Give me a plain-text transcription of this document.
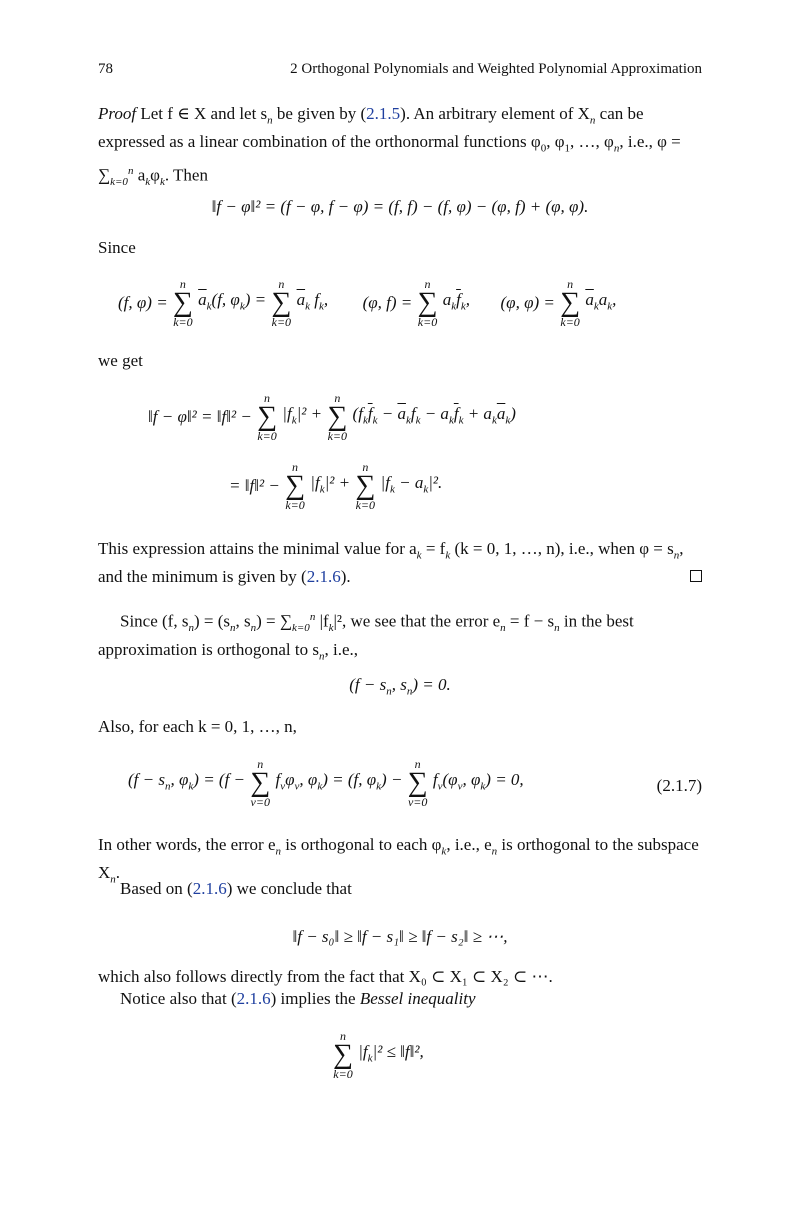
78	2 Orthogonal Polynomials and Weighted Polynomial Approximation
Proof Let f ∈ X and let $s_n$ be given by (2.1.5). An arbitrary element of $X_n$ can be expressed as a linear combination of the orthonormal functions $\varphi_0$, $\varphi_1$, …, $\varphi_n$, i.e., $\varphi = \sum_{k=0}^n$ $a_k\varphi_k$. Then
‖f − φ‖² = (f − φ, f − φ) = (f, f) − (f, φ) − (φ, f) + (φ, φ).
Since
(f, φ) =
n
∑
k=0
$\overline{a}_k(f$, $\varphi_k$) =
n
∑
k=0
$\overline{a}_k$ $f_k$, (φ, f) =
n
∑
k=0
$a_k\overline{f}_k$, (φ, φ) =
n
∑
k=0
$\overline{a}_ka_k$,
we get
‖f − φ‖² = ‖f‖² −
n
∑
k=0
$|f_k|^2$ +
n
∑
k=0
$(f_k\overline{f}_k - \overline{a}_kf_k - a_k\overline{f}_k + a_k\overline{a}_k)$
= ‖f‖² −
n
∑
k=0
$|f_k|^2$ +
n
∑
k=0
$|f_k - a_k|^2$.
This expression attains the minimal value for $a_k = f_k$ (k = 0, 1, …, n), i.e., when $\varphi = s_n$, and the minimum is given by (2.1.6).
Since (f, $s_n) = (s_n$, $s_n) = \sum_{k=0}^n$ $|f_k|^2$, we see that the error $e_n = f - s_n$ in the best approximation is orthogonal to $s_n$, i.e.,
($f - s_n$, $s_n) = 0$.
Also, for each k = 0, 1, …, n,
($f - s_n$, $\varphi_k) = (f$ −
n
∑
ν=0
$f_\nu\varphi_\nu$, $\varphi_k) = (f$, $\varphi_k$) −
n
∑
ν=0
$f_\nu(\varphi_\nu$, $\varphi_k) = 0$,	(2.1.7)
In other words, the error $e_n$ is orthogonal to each $\varphi_k$, i.e., $e_n$ is orthogonal to the subspace $X_n$.
Based on (2.1.6) we conclude that
‖f − s₀‖ ≥ ‖f − s₁‖ ≥ ‖f − s₂‖ ≥ ⋯,
which also follows directly from the fact that X₀ ⊂ X₁ ⊂ X₂ ⊂ ⋯.
Notice also that (2.1.6) implies the Bessel inequality
n
∑
k=0
$|f_k|^2$ ≤ ‖f‖²,
